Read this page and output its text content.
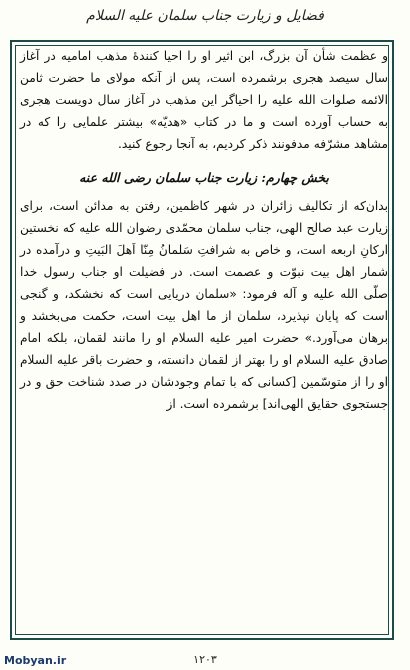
فضایل و زیارت جناب سلمان عليه السلام

و عظمت شأن آن بزرگ، ابن اثیر او را احیا کنندهٔ مذهب امامیه در آغاز سال سیصد هجری برشمرده است، پس از آنکه مولای ما حضرت ثامن الائمه صلوات الله علیه را احیاگر این مذهب در آغاز سال دویست هجری به حساب آورده است و ما در کتاب «هدیّه» بیشتر علمایی را که در مشاهد مشرّفه مدفونند ذکر کردیم، به آنجا رجوع کنید.

بخش چهارم: زیارت جناب سلمان رضی الله عنه

بدان‌که از تکالیف زائران در شهر کاظمین، رفتن به مدائن است، برای زیارت عبد صالح الهی، جناب سلمان محمّدی رضوان الله علیه که نخستین ارکانِ اربعه است، و خاص به شرافتِ سَلمانُ مِنّا اَهلَ البَیتِ و درآمده در شمار اهل بیت نبوّت و عصمت است. در فضیلت او جناب رسول خدا صلّی الله علیه و آله فرمود: «سلمان دریایی است که نخشکد، و گنجی است که پایان نپذیرد، سلمان از ما اهل بیت است، حکمت می‌بخشد و برهان می‌آورد.» حضرت امیر علیه السلام او را مانند لقمان، بلکه امام صادق علیه السلام او را بهتر از لقمان دانسته، و حضرت باقر علیه السلام او را از متوسّمین [کسانی که با تمام وجودشان در صدد شناخت حق و در جستجوی حقایق الهی‌اند] برشمرده است. از

۱۲۰۳
Mobyan.ir
